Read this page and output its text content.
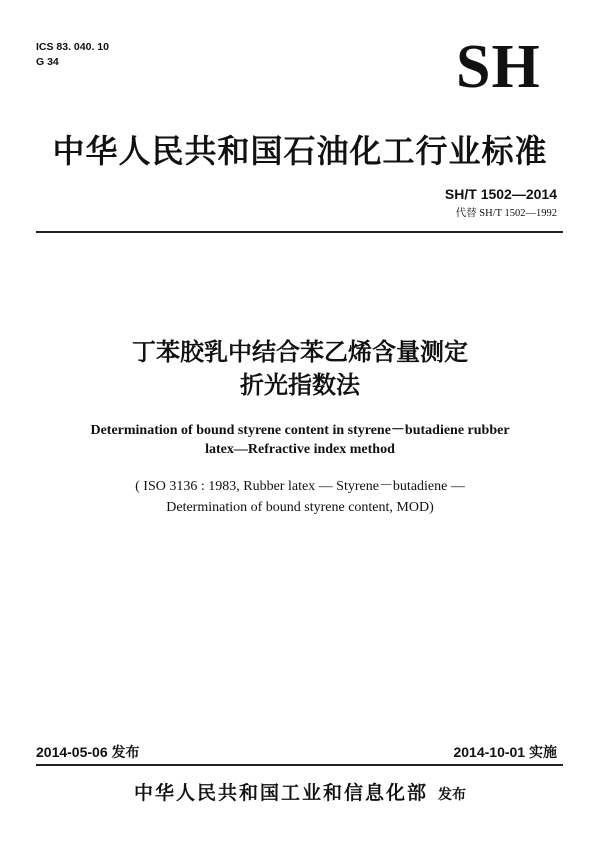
ICS 83. 040. 10
G 34	SH
中华人民共和国石油化工行业标准
SH/T 1502—2014
代替 SH/T 1502—1992
丁苯胶乳中结合苯乙烯含量测定
折光指数法
Determination of bound styrene content in styrene－butadiene rubber
latex—Refractive index method
( ISO 3136 : 1983, Rubber latex — Styrene－butadiene —
Determination of bound styrene content, MOD)
2014-05-06 发布	2014-10-01 实施
中华人民共和国工业和信息化部 发布
